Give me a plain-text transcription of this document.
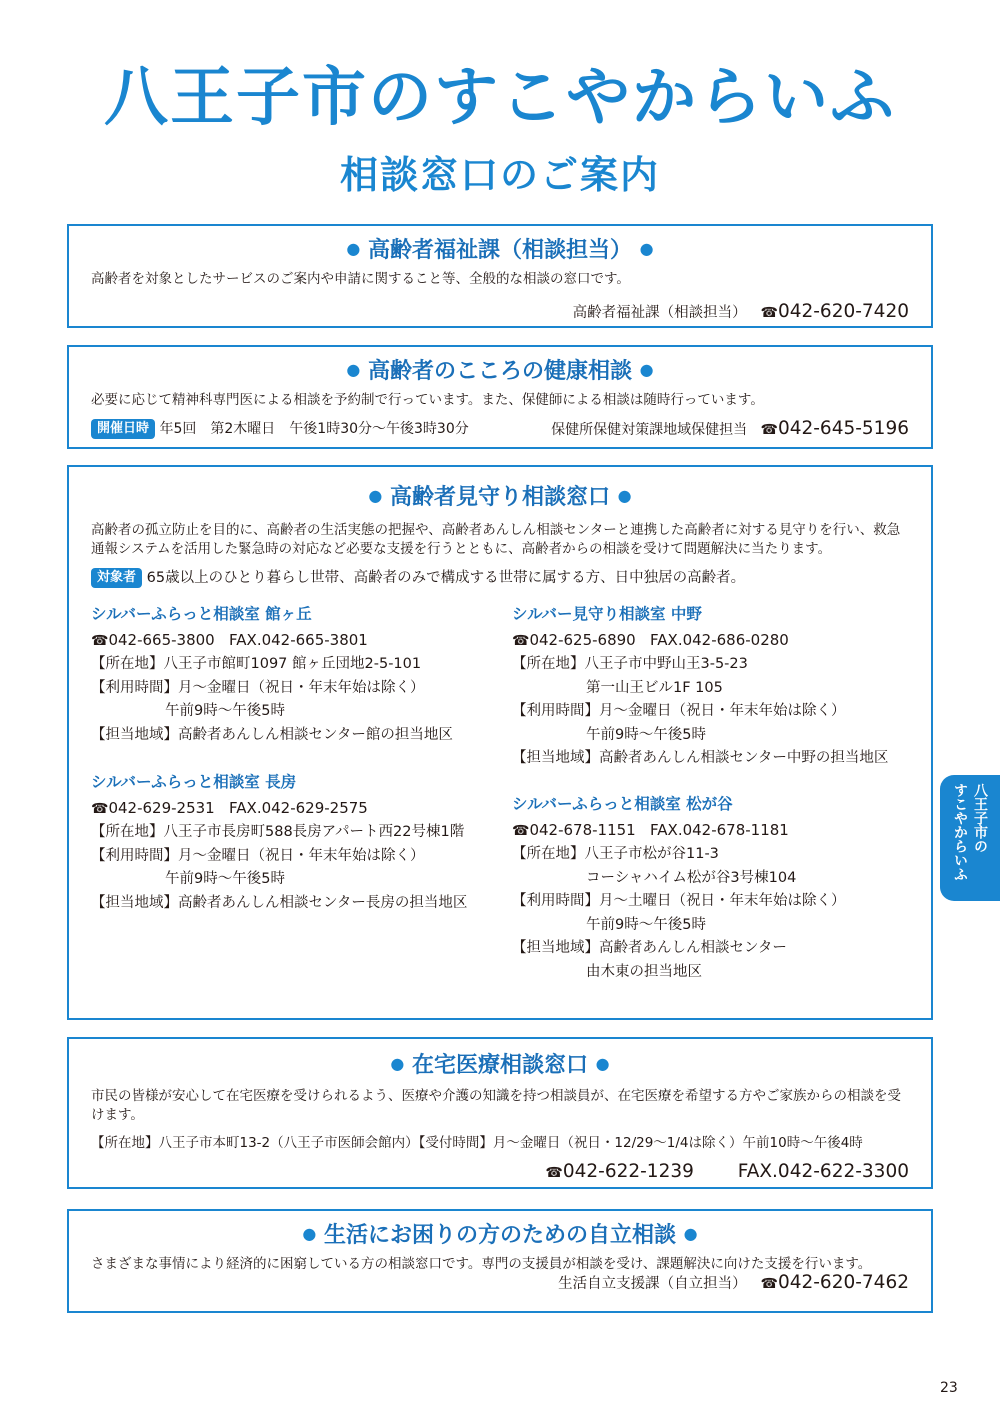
八王子市のすこやからいふ
相談窓口のご案内
● 高齢者福祉課（相談担当） ●

高齢者を対象としたサービスのご案内や申請に関すること等、全般的な相談の窓口です。

高齢者福祉課（相談担当） ☎042-620-7420
● 高齢者のこころの健康相談 ●

必要に応じて精神科専門医による相談を予約制で行っています。また、保健師による相談は随時行っています。

開催日時 年5回　第2木曜日　午後1時30分～午後3時30分	保健所保健対策課地域保健担当 ☎042-645-5196
● 高齢者見守り相談窓口 ●

高齢者の孤立防止を目的に、高齢者の生活実態の把握や、高齢者あんしん相談センターと連携した高齢者に対する見守りを行い、救急通報システムを活用した緊急時の対応など必要な支援を行うとともに、高齢者からの相談を受けて問題解決に当たります。

対象者 65歳以上のひとり暮らし世帯、高齢者のみで構成する世帯に属する方、日中独居の高齢者。
シルバーふらっと相談室 館ヶ丘
☎042-665-3800 FAX.042-665-3801
【所在地】 八王子市館町1097 館ヶ丘団地2-5-101
【利用時間】 月～金曜日（祝日・年末年始は除く）
午前9時～午後5時
【担当地域】 高齢者あんしん相談センター館の担当地区
シルバーふらっと相談室 長房
☎042-629-2531 FAX.042-629-2575
【所在地】 八王子市長房町588長房アパート西22号棟1階
【利用時間】 月～金曜日（祝日・年末年始は除く）
午前9時～午後5時
【担当地域】 高齢者あんしん相談センター長房の担当地区
シルバー見守り相談室 中野
☎042-625-6890 FAX.042-686-0280
【所在地】 八王子市中野山王3-5-23
第一山王ビル1F 105
【利用時間】 月～金曜日（祝日・年末年始は除く）
午前9時～午後5時
【担当地域】 高齢者あんしん相談センター中野の担当地区
シルバーふらっと相談室 松が谷
☎042-678-1151 FAX.042-678-1181
【所在地】 八王子市松が谷11-3
コーシャハイム松が谷3号棟104
【利用時間】 月～土曜日（祝日・年末年始は除く）
午前9時～午後5時
【担当地域】 高齢者あんしん相談センター
由木東の担当地区
● 在宅医療相談窓口 ●

市民の皆様が安心して在宅医療を受けられるよう、医療や介護の知識を持つ相談員が、在宅医療を希望する方やご家族からの相談を受けます。

【所在地】八王子市本町13-2（八王子市医師会館内）【受付時間】月～金曜日（祝日・12/29～1/4は除く）午前10時～午後4時
☎042-622-1239 FAX.042-622-3300
● 生活にお困りの方のための自立相談 ●

さまざまな事情により経済的に困窮している方の相談窓口です。専門の支援員が相談を受け、課題解決に向けた支援を行います。

生活自立支援課（自立担当） ☎042-620-7462
八王子市の
すこやからいふ
23
